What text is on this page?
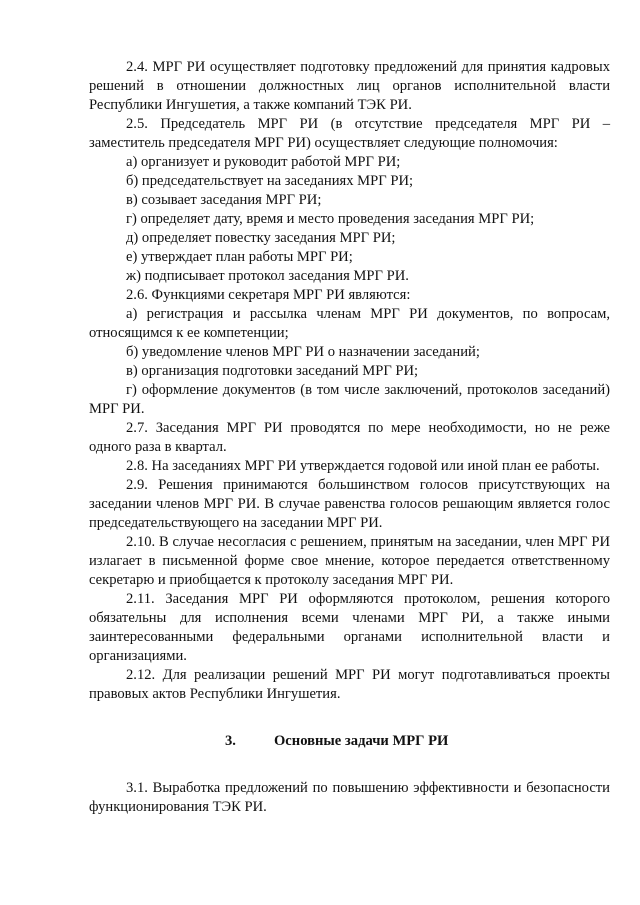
2.4. МРГ РИ осуществляет подготовку предложений для принятия кадровых решений в отношении должностных лиц органов исполнительной власти Республики Ингушетия, а также компаний ТЭК РИ.

2.5. Председатель МРГ РИ (в отсутствие председателя МРГ РИ – заместитель председателя МРГ РИ) осуществляет следующие полномочия:

а) организует и руководит работой МРГ РИ;

б) председательствует на заседаниях МРГ РИ;

в) созывает заседания МРГ РИ;

г) определяет дату, время и место проведения заседания МРГ РИ;

д) определяет повестку заседания МРГ РИ;

е) утверждает план работы МРГ РИ;

ж) подписывает протокол заседания МРГ РИ.

2.6. Функциями секретаря МРГ РИ являются:

а) регистрация и рассылка членам МРГ РИ документов, по вопросам, относящимся к ее компетенции;

б) уведомление членов МРГ РИ о назначении заседаний;

в) организация подготовки заседаний МРГ РИ;

г) оформление документов (в том числе заключений, протоколов заседаний) МРГ РИ.

2.7. Заседания МРГ РИ проводятся по мере необходимости, но не реже одного раза в квартал.

2.8. На заседаниях МРГ РИ утверждается годовой или иной план ее работы.

2.9. Решения принимаются большинством голосов присутствующих на заседании членов МРГ РИ. В случае равенства голосов решающим является голос председательствующего на заседании МРГ РИ.

2.10. В случае несогласия с решением, принятым на заседании, член МРГ РИ излагает в письменной форме свое мнение, которое передается ответственному секретарю и приобщается к протоколу заседания МРГ РИ.

2.11. Заседания МРГ РИ оформляются протоколом, решения которого обязательны для исполнения всеми членами МРГ РИ, а также иными заинтересованными федеральными органами исполнительной власти и организациями.

2.12. Для реализации решений МРГ РИ могут подготавливаться проекты правовых актов Республики Ингушетия.

3.	Основные задачи МРГ РИ

3.1. Выработка предложений по повышению эффективности и безопасности функционирования ТЭК РИ.
